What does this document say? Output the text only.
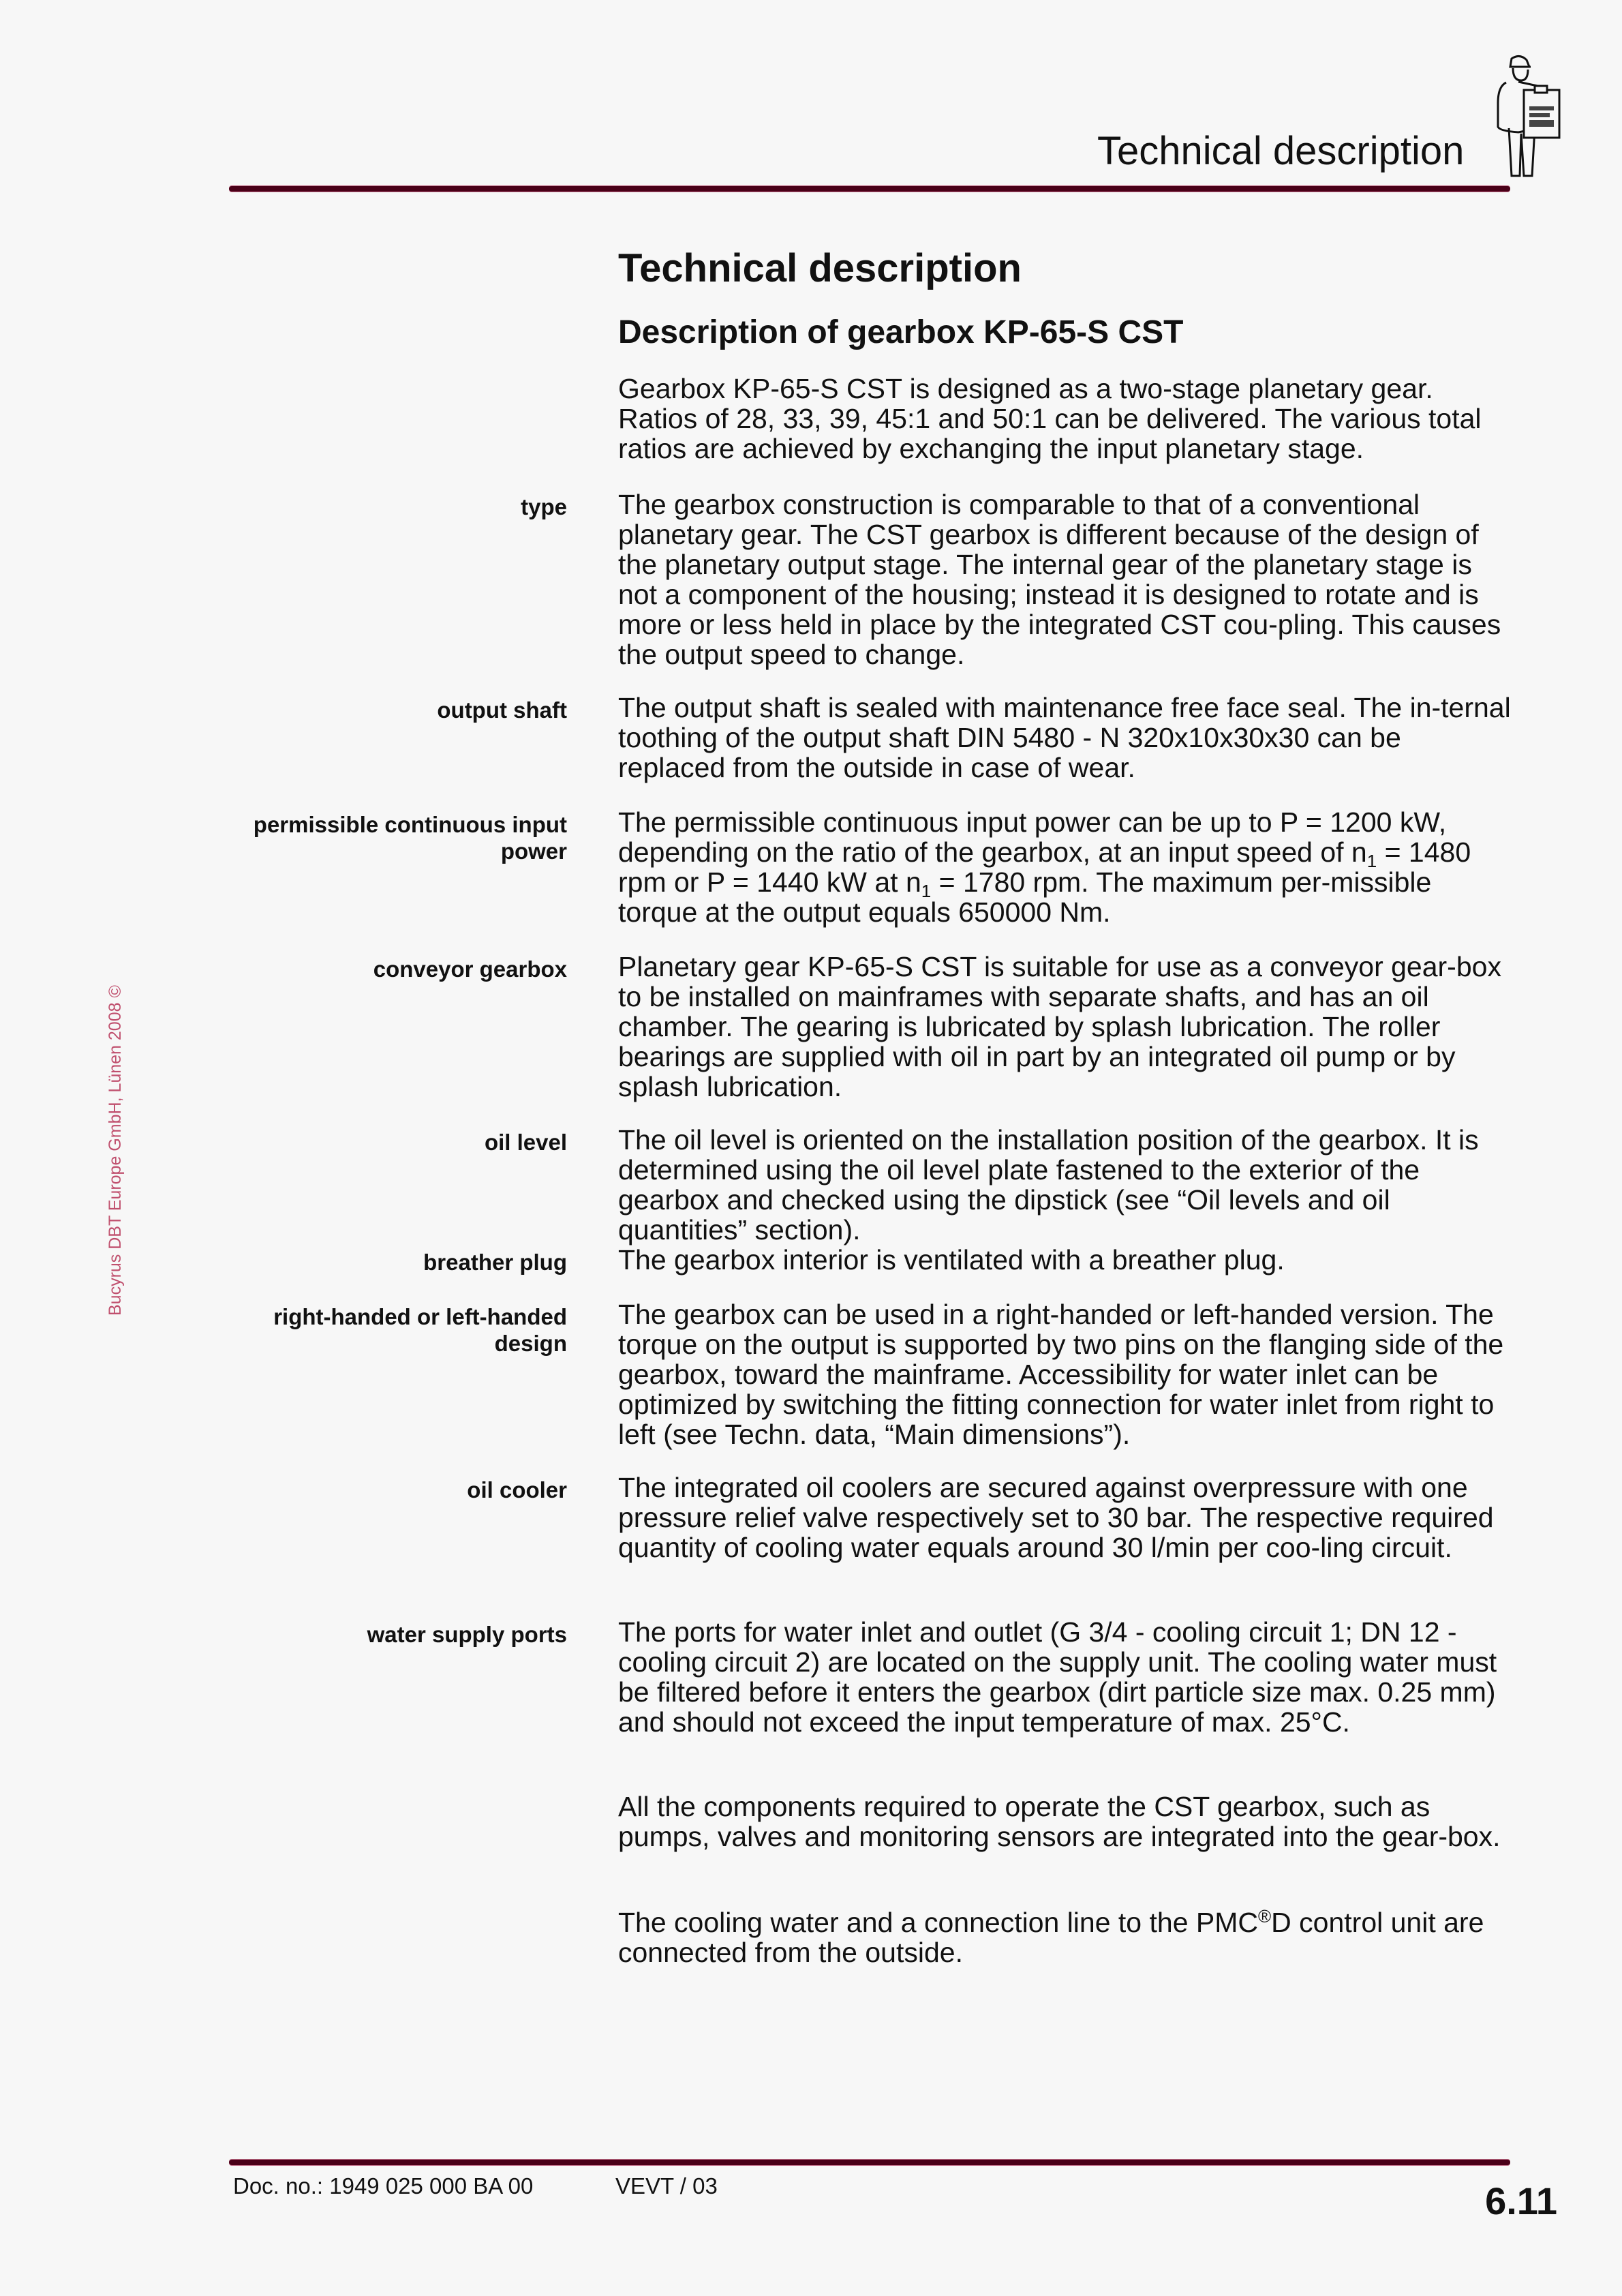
Technical description
Bucyrus DBT Europe GmbH, Lünen 2008 ©
Technical description
Description of gearbox KP-65-S CST
Gearbox KP-65-S CST is designed as a two-stage planetary gear. Ratios of 28, 33, 39, 45:1 and 50:1 can be delivered. The various total ratios are achieved by exchanging the input planetary stage.
type The gearbox construction is comparable to that of a conventional planetary gear. The CST gearbox is different because of the design of the planetary output stage. The internal gear of the planetary stage is not a component of the housing; instead it is designed to rotate and is more or less held in place by the integrated CST cou-pling. This causes the output speed to change.
output shaft The output shaft is sealed with maintenance free face seal. The in-ternal toothing of the output shaft DIN 5480 - N 320x10x30x30 can be replaced from the outside in case of wear.
permissible continuous input power
The permissible continuous input power can be up to P = 1200 kW, depending on the ratio of the gearbox, at an input speed of $n_1 = 1480$ rpm or P = 1440 kW at $n_1 = 1780$ rpm. The maximum per-missible torque at the output equals 650000 Nm.
conveyor gearbox Planetary gear KP-65-S CST is suitable for use as a conveyor gear-box to be installed on mainframes with separate shafts, and has an oil chamber. The gearing is lubricated by splash lubrication. The roller bearings are supplied with oil in part by an integrated oil pump or by splash lubrication.
oil level The oil level is oriented on the installation position of the gearbox. It is determined using the oil level plate fastened to the exterior of the gearbox and checked using the dipstick (see “Oil levels and oil quantities” section).
breather plug The gearbox interior is ventilated with a breather plug.
right-handed or left-handed design
The gearbox can be used in a right-handed or left-handed version. The torque on the output is supported by two pins on the flanging side of the gearbox, toward the mainframe. Accessibility for water inlet can be optimized by switching the fitting connection for water inlet from right to left (see Techn. data, “Main dimensions”).
oil cooler The integrated oil coolers are secured against overpressure with one pressure relief valve respectively set to 30 bar. The respective required quantity of cooling water equals around 30 l/min per coo-ling circuit.
water supply ports The ports for water inlet and outlet (G 3/4 - cooling circuit 1; DN 12 - cooling circuit 2) are located on the supply unit. The cooling water must be filtered before it enters the gearbox (dirt particle size max. 0.25 mm) and should not exceed the input temperature of max. 25°C.
All the components required to operate the CST gearbox, such as pumps, valves and monitoring sensors are integrated into the gear-box.
The cooling water and a connection line to the PMC®D control unit are connected from the outside.
Doc. no.: 1949 025 000 BA 00	VEVT / 03	6.11
